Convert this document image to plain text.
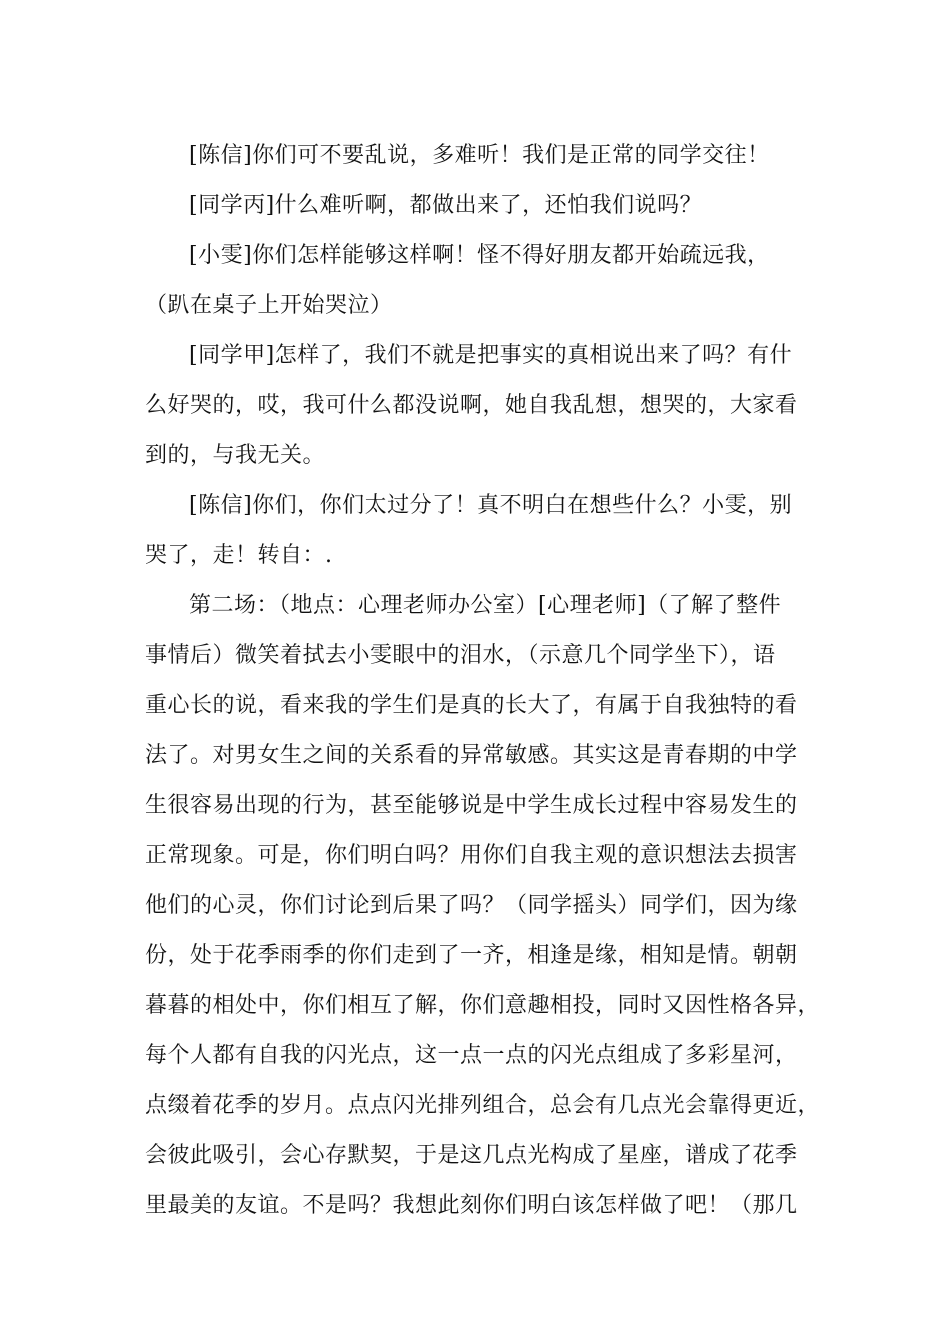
[陈信]你们可不要乱说，多难听！我们是正常的同学交往！
[同学丙]什么难听啊，都做出来了，还怕我们说吗？
[小雯]你们怎样能够这样啊！怪不得好朋友都开始疏远我，
（趴在桌子上开始哭泣）
[同学甲]怎样了，我们不就是把事实的真相说出来了吗？有什
么好哭的，哎，我可什么都没说啊，她自我乱想，想哭的，大家看
到的，与我无关。
[陈信]你们，你们太过分了！真不明白在想些什么？小雯，别
哭了，走！转自：.
第二场：（地点：心理老师办公室）[心理老师]（了解了整件
事情后）微笑着拭去小雯眼中的泪水，（示意几个同学坐下），语
重心长的说，看来我的学生们是真的长大了，有属于自我独特的看
法了。对男女生之间的关系看的异常敏感。其实这是青春期的中学
生很容易出现的行为，甚至能够说是中学生成长过程中容易发生的
正常现象。可是，你们明白吗？用你们自我主观的意识想法去损害
他们的心灵，你们讨论到后果了吗？（同学摇头）同学们，因为缘
份，处于花季雨季的你们走到了一齐，相逢是缘，相知是情。朝朝
暮暮的相处中，你们相互了解，你们意趣相投，同时又因性格各异，
每个人都有自我的闪光点，这一点一点的闪光点组成了多彩星河，
点缀着花季的岁月。点点闪光排列组合，总会有几点光会靠得更近，
会彼此吸引，会心存默契，于是这几点光构成了星座，谱成了花季
里最美的友谊。不是吗？我想此刻你们明白该怎样做了吧！（那几
